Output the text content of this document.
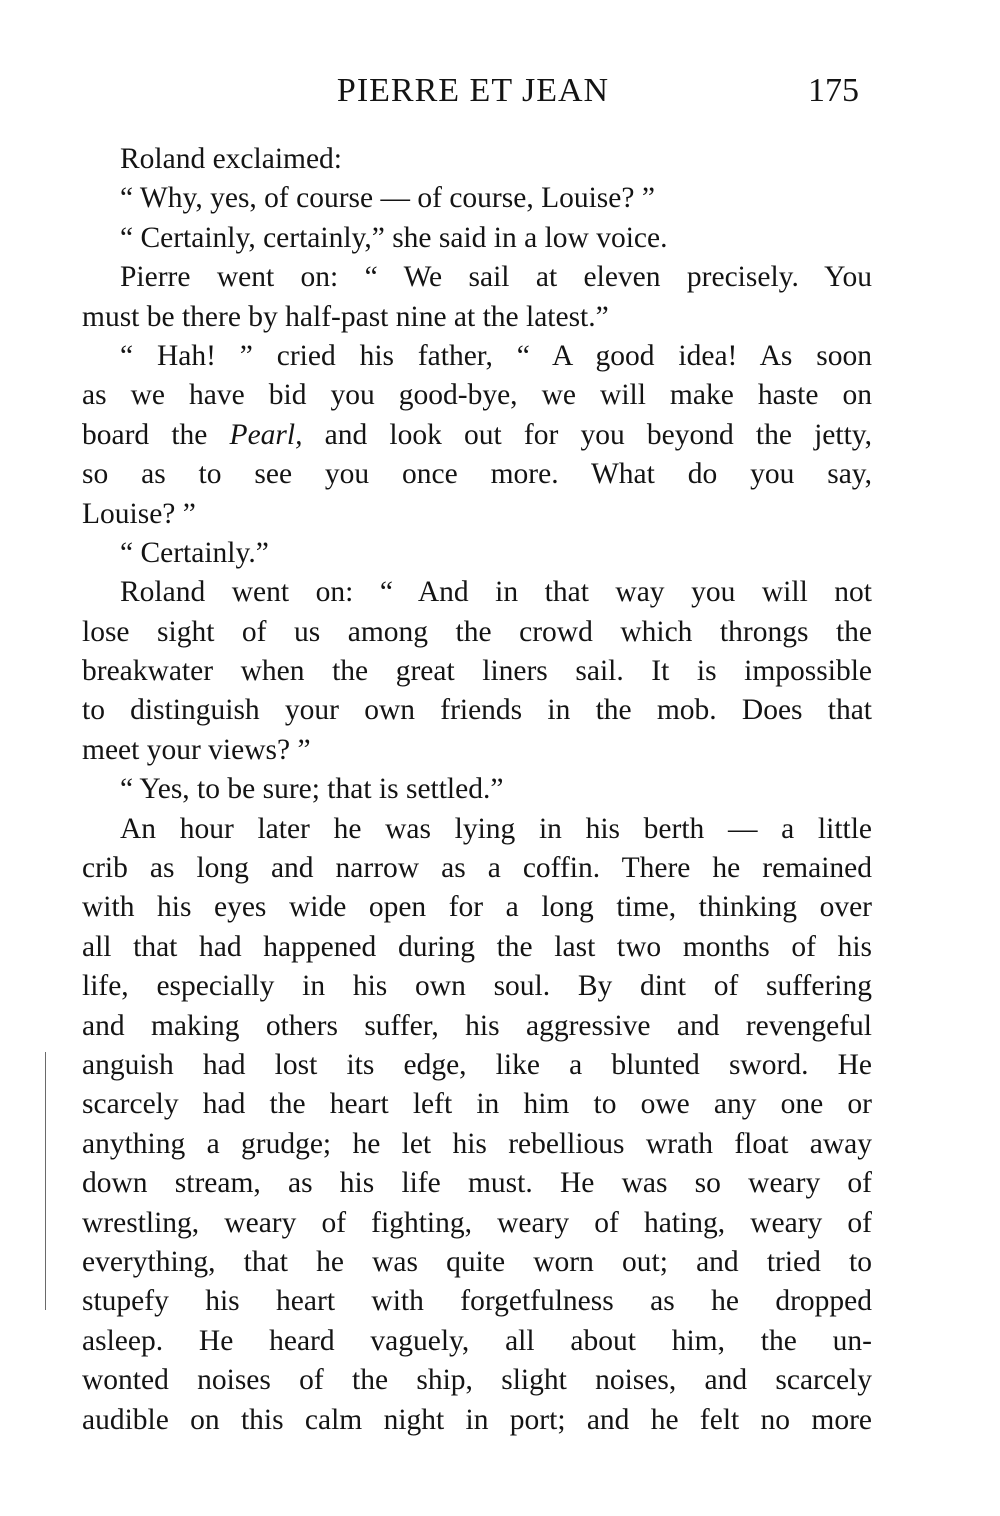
PIERRE ET JEAN	175
Roland exclaimed:
“ Why, yes, of course — of course, Louise? ”
“ Certainly, certainly,” she said in a low voice.
Pierre went on: “ We sail at eleven precisely. You
must be there by half-past nine at the latest.”
“ Hah! ” cried his father, “ A good idea! As soon
as we have bid you good-bye, we will make haste on
board the Pearl, and look out for you beyond the jetty,
so as to see you once more. What do you say,
Louise? ”
“ Certainly.”
Roland went on: “ And in that way you will not
lose sight of us among the crowd which throngs the
breakwater when the great liners sail. It is impossible
to distinguish your own friends in the mob. Does that
meet your views? ”
“ Yes, to be sure; that is settled.”
An hour later he was lying in his berth — a little
crib as long and narrow as a coffin. There he remained
with his eyes wide open for a long time, thinking over
all that had happened during the last two months of his
life, especially in his own soul. By dint of suffering
and making others suffer, his aggressive and revengeful
anguish had lost its edge, like a blunted sword. He
scarcely had the heart left in him to owe any one or
anything a grudge; he let his rebellious wrath float away
down stream, as his life must. He was so weary of
wrestling, weary of fighting, weary of hating, weary of
everything, that he was quite worn out; and tried to
stupefy his heart with forgetfulness as he dropped
asleep. He heard vaguely, all about him, the un-
wonted noises of the ship, slight noises, and scarcely
audible on this calm night in port; and he felt no more
